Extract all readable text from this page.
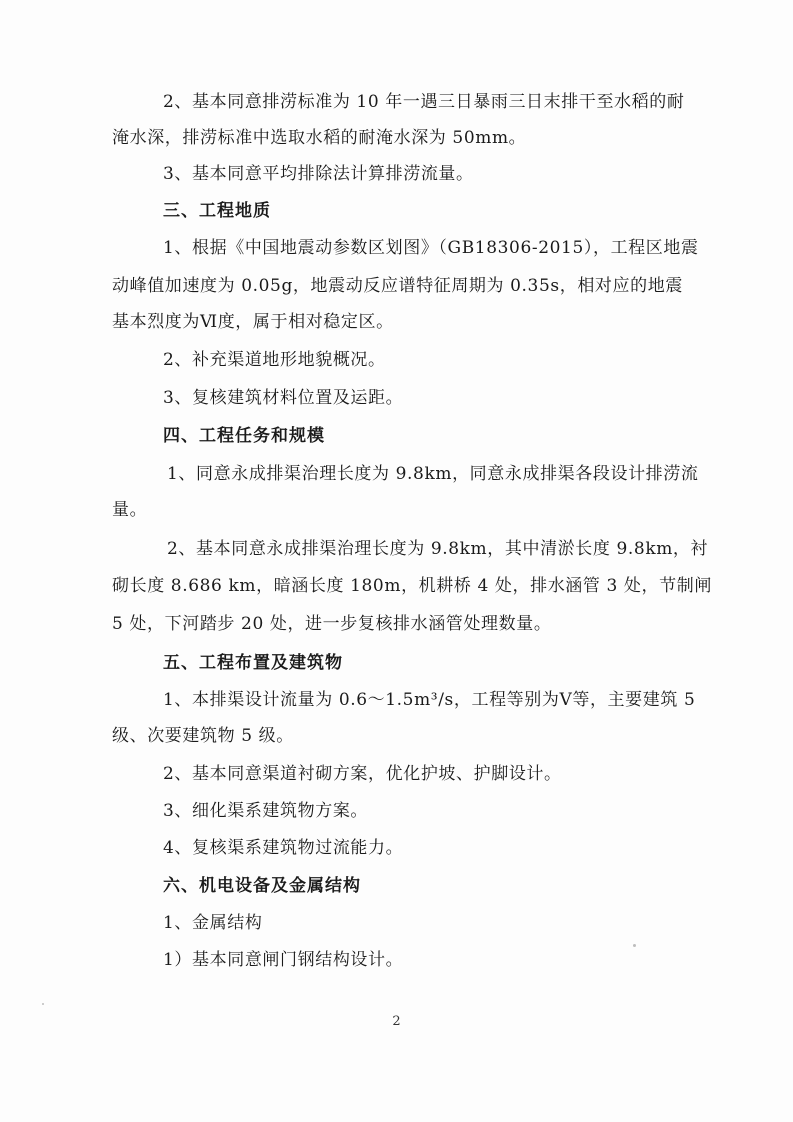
2、基本同意排涝标准为 10 年一遇三日暴雨三日末排干至水稻的耐
淹水深，排涝标准中选取水稻的耐淹水深为 50mm。
3、基本同意平均排除法计算排涝流量。
三、工程地质
1、根据《中国地震动参数区划图》（GB18306-2015），工程区地震
动峰值加速度为 0.05g，地震动反应谱特征周期为 0.35s，相对应的地震
基本烈度为Ⅵ度，属于相对稳定区。
2、补充渠道地形地貌概况。
3、复核建筑材料位置及运距。
四、工程任务和规模
1、同意永成排渠治理长度为 9.8km，同意永成排渠各段设计排涝流
量。
2、基本同意永成排渠治理长度为 9.8km，其中清淤长度 9.8km，衬
砌长度 8.686 km，暗涵长度 180m，机耕桥 4 处，排水涵管 3 处，节制闸
5 处，下河踏步 20 处，进一步复核排水涵管处理数量。
五、工程布置及建筑物
1、本排渠设计流量为 0.6～1.5m³/s，工程等别为Ⅴ等，主要建筑 5
级、次要建筑物 5 级。
2、基本同意渠道衬砌方案，优化护坡、护脚设计。
3、细化渠系建筑物方案。
4、复核渠系建筑物过流能力。
六、机电设备及金属结构
1、金属结构
1）基本同意闸门钢结构设计。
2
